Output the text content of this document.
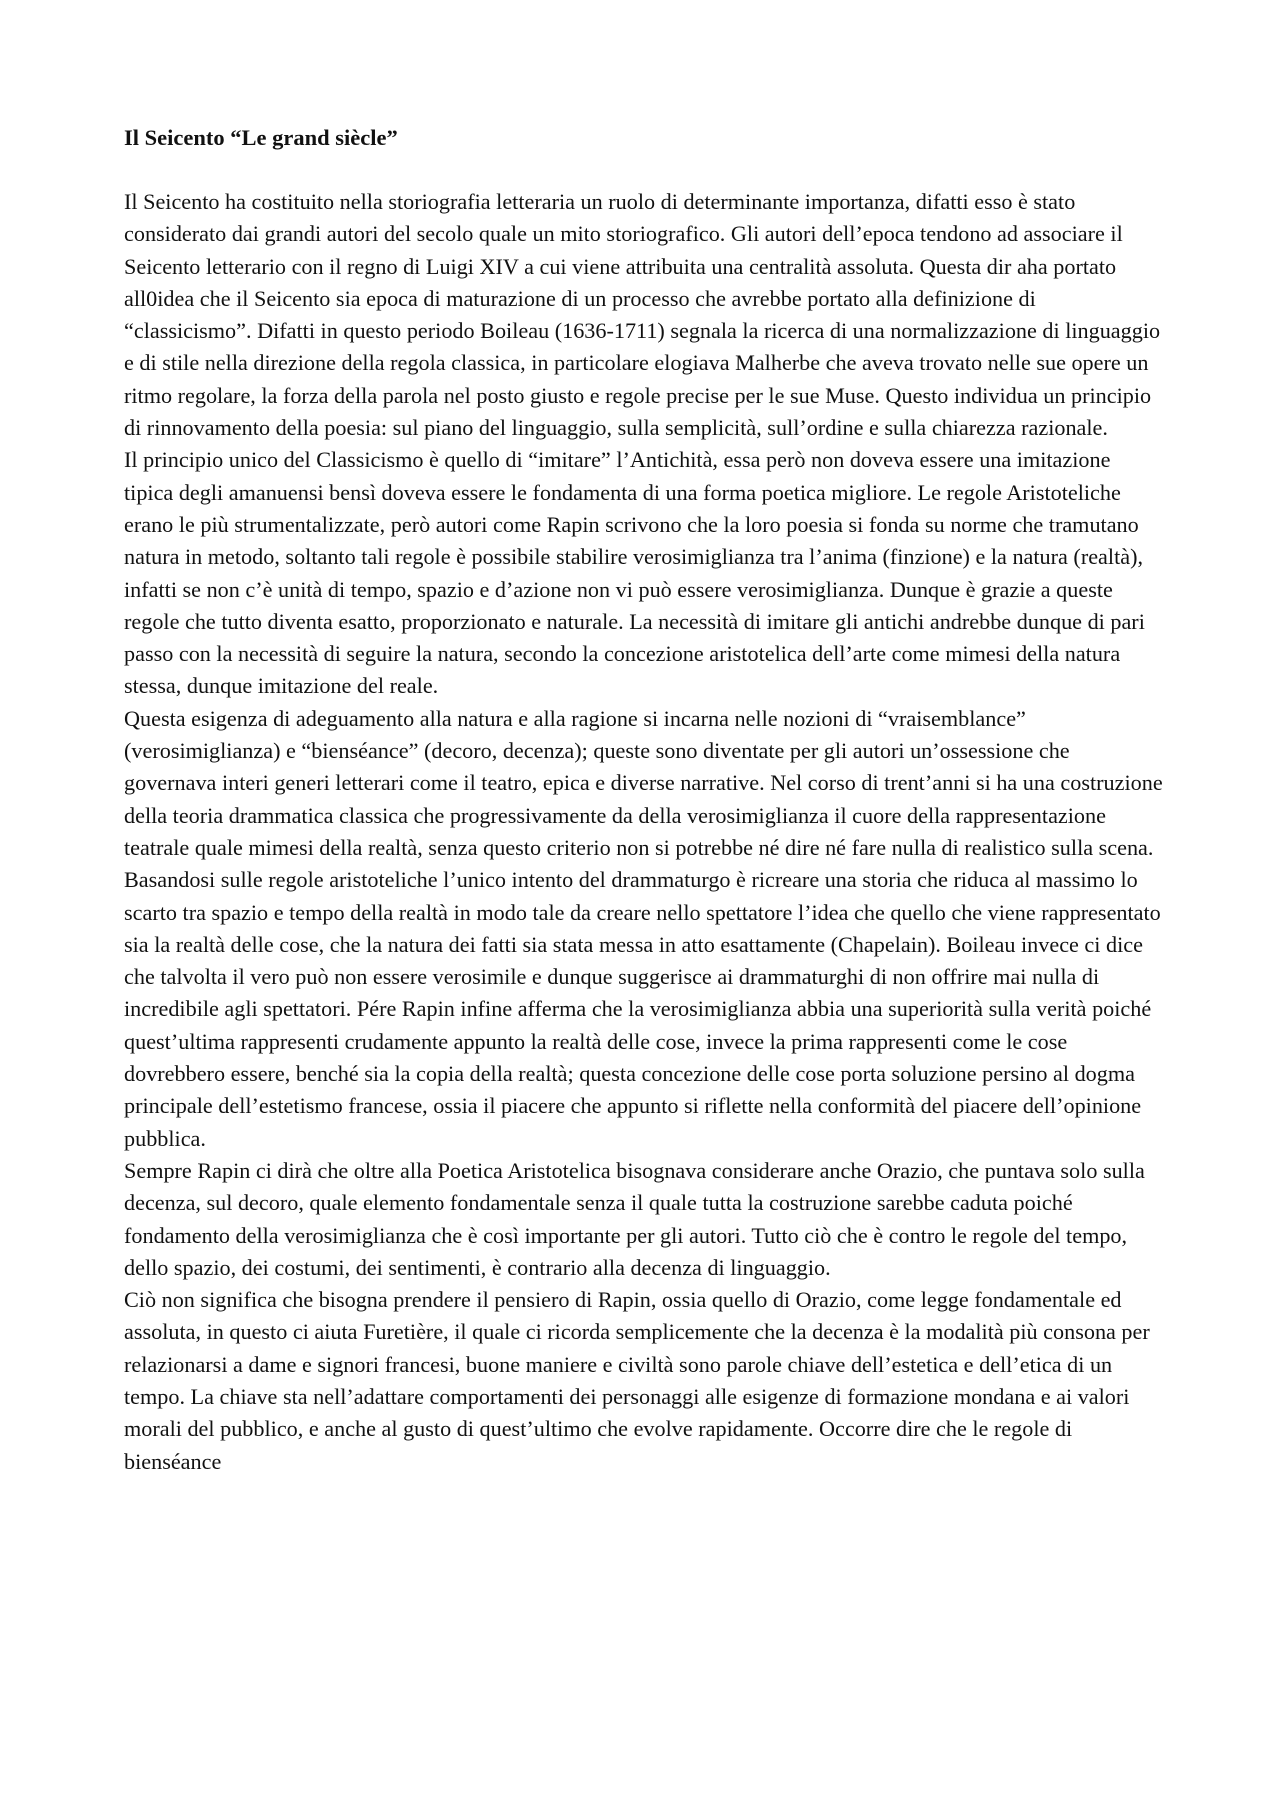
Il Seicento “Le grand siècle”

Il Seicento ha costituito nella storiografia letteraria un ruolo di determinante importanza, difatti esso è stato considerato dai grandi autori del secolo quale un mito storiografico. Gli autori dell’epoca tendono ad associare il Seicento letterario con il regno di Luigi XIV a cui viene attribuita una centralità assoluta. Questa dir aha portato all0idea che il Seicento sia epoca di maturazione di un processo che avrebbe portato alla definizione di “classicismo”. Difatti in questo periodo Boileau (1636-1711) segnala la ricerca di una normalizzazione di linguaggio e di stile nella direzione della regola classica, in particolare elogiava Malherbe che aveva trovato nelle sue opere un ritmo regolare, la forza della parola nel posto giusto e regole precise per le sue Muse. Questo individua un principio di rinnovamento della poesia: sul piano del linguaggio, sulla semplicità, sull’ordine e sulla chiarezza razionale.

Il principio unico del Classicismo è quello di “imitare” l’Antichità, essa però non doveva essere una imitazione tipica degli amanuensi bensì doveva essere le fondamenta di una forma poetica migliore. Le regole Aristoteliche erano le più strumentalizzate, però autori come Rapin scrivono che la loro poesia si fonda su norme che tramutano natura in metodo, soltanto tali regole è possibile stabilire verosimiglianza tra l’anima (finzione) e la natura (realtà), infatti se non c’è unità di tempo, spazio e d’azione non vi può essere verosimiglianza. Dunque è grazie a queste regole che tutto diventa esatto, proporzionato e naturale. La necessità di imitare gli antichi andrebbe dunque di pari passo con la necessità di seguire la natura, secondo la concezione aristotelica dell’arte come mimesi della natura stessa, dunque imitazione del reale.

Questa esigenza di adeguamento alla natura e alla ragione si incarna nelle nozioni di “vraisemblance” (verosimiglianza) e “bienséance” (decoro, decenza); queste sono diventate per gli autori un’ossessione che governava interi generi letterari come il teatro, epica e diverse narrative. Nel corso di trent’anni si ha una costruzione della teoria drammatica classica che progressivamente da della verosimiglianza il cuore della rappresentazione teatrale quale mimesi della realtà, senza questo criterio non si potrebbe né dire né fare nulla di realistico sulla scena. Basandosi sulle regole aristoteliche l’unico intento del drammaturgo è ricreare una storia che riduca al massimo lo scarto tra spazio e tempo della realtà in modo tale da creare nello spettatore l’idea che quello che viene rappresentato sia la realtà delle cose, che la natura dei fatti sia stata messa in atto esattamente (Chapelain). Boileau invece ci dice che talvolta il vero può non essere verosimile e dunque suggerisce ai drammaturghi di non offrire mai nulla di incredibile agli spettatori. Pére Rapin infine afferma che la verosimiglianza abbia una superiorità sulla verità poiché quest’ultima rappresenti crudamente appunto la realtà delle cose, invece la prima rappresenti come le cose dovrebbero essere, benché sia la copia della realtà; questa concezione delle cose porta soluzione persino al dogma principale dell’estetismo francese, ossia il piacere che appunto si riflette nella conformità del piacere dell’opinione pubblica.

Sempre Rapin ci dirà che oltre alla Poetica Aristotelica bisognava considerare anche Orazio, che puntava solo sulla decenza, sul decoro, quale elemento fondamentale senza il quale tutta la costruzione sarebbe caduta poiché fondamento della verosimiglianza che è così importante per gli autori. Tutto ciò che è contro le regole del tempo, dello spazio, dei costumi, dei sentimenti, è contrario alla decenza di linguaggio.

Ciò non significa che bisogna prendere il pensiero di Rapin, ossia quello di Orazio, come legge fondamentale ed assoluta, in questo ci aiuta Furetière, il quale ci ricorda semplicemente che la decenza è la modalità più consona per relazionarsi a dame e signori francesi, buone maniere e civiltà sono parole chiave dell’estetica e dell’etica di un tempo. La chiave sta nell’adattare comportamenti dei personaggi alle esigenze di formazione mondana e ai valori morali del pubblico, e anche al gusto di quest’ultimo che evolve rapidamente. Occorre dire che le regole di bienséance
